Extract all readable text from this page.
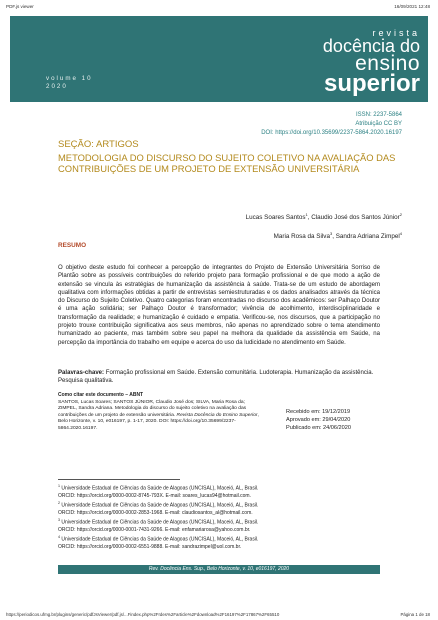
PDF.js viewer	16/09/2021 12:48
volume 10
2020
revista
docência do
ensino
superior
ISSN: 2237-5864
Atribuição CC BY
DOI: https://doi.org/10.35699/2237-5864.2020.16197
SEÇÃO: ARTIGOS
METODOLOGIA DO DISCURSO DO SUJEITO COLETIVO NA AVALIAÇÃO DAS CONTRIBUIÇÕES DE UM PROJETO DE EXTENSÃO UNIVERSITÁRIA
Lucas Soares Santos$^1$, Claudio José dos Santos Júnior$^2$
Maria Rosa da Silva$^3$, Sandra Adriana Zimpel$^4$
RESUMO
O objetivo deste estudo foi conhecer a percepção de integrantes do Projeto de Extensão Universitária Sorriso de Plantão sobre as possíveis contribuições do referido projeto para formação profissional e de que modo a ação de extensão se vincula às estratégias de humanização da assistência à saúde. Trata-se de um estudo de abordagem qualitativa com informações obtidas a partir de entrevistas semiestruturadas e os dados analisados através da técnica do Discurso do Sujeito Coletivo. Quatro categorias foram encontradas no discurso dos acadêmicos: ser Palhaço Doutor é uma ação solidária; ser Palhaço Doutor é transformador; vivência de acolhimento, interdisciplinaridade e transformação da realidade; e humanização é cuidado e empatia. Verificou-se, nos discursos, que a participação no projeto trouxe contribuição significativa aos seus membros, não apenas no aprendizado sobre o tema atendimento humanizado ao paciente, mas também sobre seu papel na melhora da qualidade da assistência em Saúde, na percepção da importância do trabalho em equipe e acerca do uso da ludicidade no atendimento em Saúde.
Palavras-chave: Formação profissional em Saúde. Extensão comunitária. Ludoterapia. Humanização da assistência. Pesquisa qualitativa.
Como citar este documento – ABNT
SANTOS, Lucas Soares; SANTOS JÚNIOR, Claudio José dos; SILVA, Maria Rosa da; ZIMPEL, Sandra Adriana. Metodologia do discurso do sujeito coletivo na avaliação das contribuições de um projeto de extensão universitária. Revista Docência do Ensino Superior, Belo Horizonte, v. 10, e016197, p. 1-17, 2020. DOI: https://doi.org/10.35699/2237-5864.2020.16197.
Recebido em: 19/12/2019
Aprovado em: 29/04/2020
Publicado em: 24/06/2020
$^1$ Universidade Estadual de Ciências da Saúde de Alagoas (UNCISAL), Maceió, AL, Brasil.
ORCID: https://orcid.org/0000-0002-8745-793X. E-mail: soares_lucas94@hotmail.com.
$^2$ Universidade Estadual de Ciências da Saúde de Alagoas (UNCISAL), Maceió, AL, Brasil.
ORCID: https://orcid.org/0000-0002-2853-1968. E-mail: claudiosantos_al@hotmail.com.
$^3$ Universidade Estadual de Ciências da Saúde de Alagoas (UNCISAL), Maceió, AL, Brasil.
ORCID: https://orcid.org/0000-0001-7431-9266. E-mail: enfamariarosa@yahoo.com.br.
$^4$ Universidade Estadual de Ciências da Saúde de Alagoas (UNCISAL), Maceió, AL, Brasil.
ORCID: https://orcid.org/0000-0002-6551-9888. E-mail: sandrazimpel@uol.com.br.
Rev. Docência Ens. Sup., Belo Horizonte, v. 10, e016197, 2020
https://periodicos.ufmg.br/plugins/generic/pdfJsViewer/pdf.js/...Findex.php%2Frdes%2Farticle%2Fdownload%2F16197%2F17867%2F65510	Página 1 de 18
